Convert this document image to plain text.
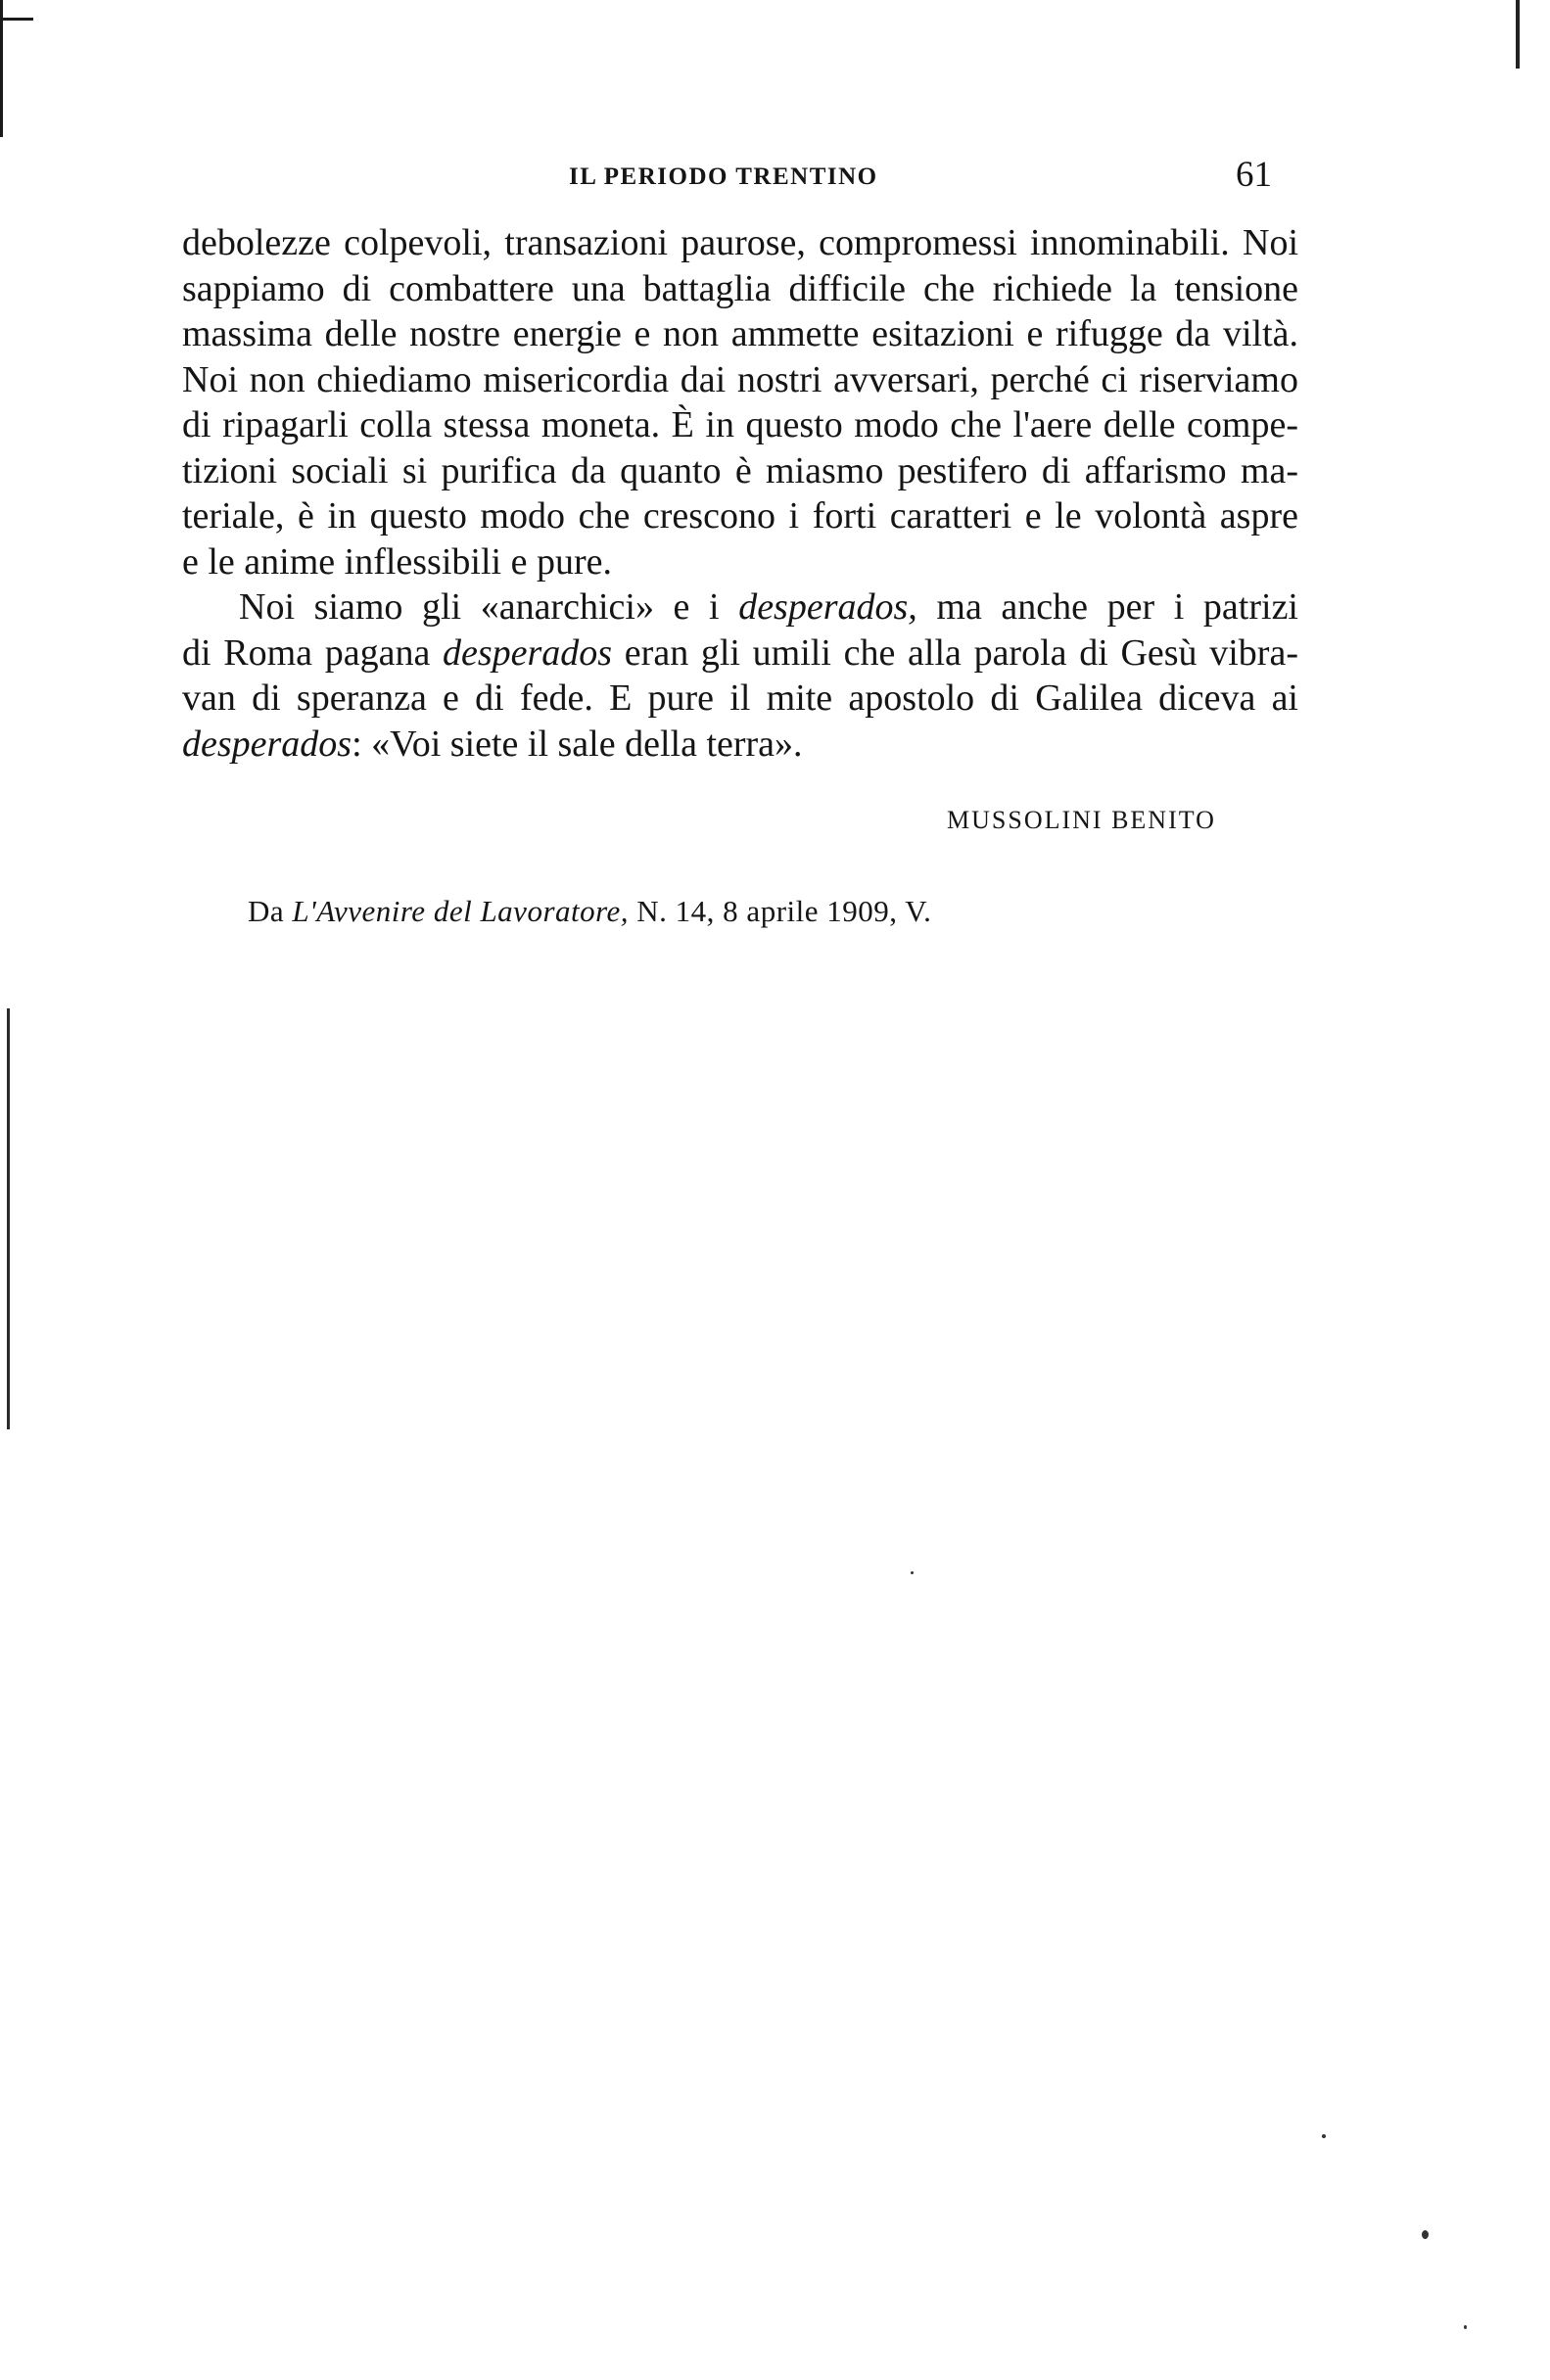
IL PERIODO TRENTINO	61
debolezze colpevoli, transazioni paurose, compromessi innominabili. Noi
sappiamo di combattere una battaglia difficile che richiede la tensione
massima delle nostre energie e non ammette esitazioni e rifugge da viltà.
Noi non chiediamo misericordia dai nostri avversari, perché ci riserviamo
di ripagarli colla stessa moneta. È in questo modo che l'aere delle compe-
tizioni sociali si purifica da quanto è miasmo pestifero di affarismo ma-
teriale, è in questo modo che crescono i forti caratteri e le volontà aspre
e le anime inflessibili e pure.
Noi siamo gli «anarchici» e i desperados, ma anche per i patrizi
di Roma pagana desperados eran gli umili che alla parola di Gesù vibra-
van di speranza e di fede. E pure il mite apostolo di Galilea diceva ai
desperados: «Voi siete il sale della terra».
MUSSOLINI BENITO
Da L'Avvenire del Lavoratore, N. 14, 8 aprile 1909, V.
